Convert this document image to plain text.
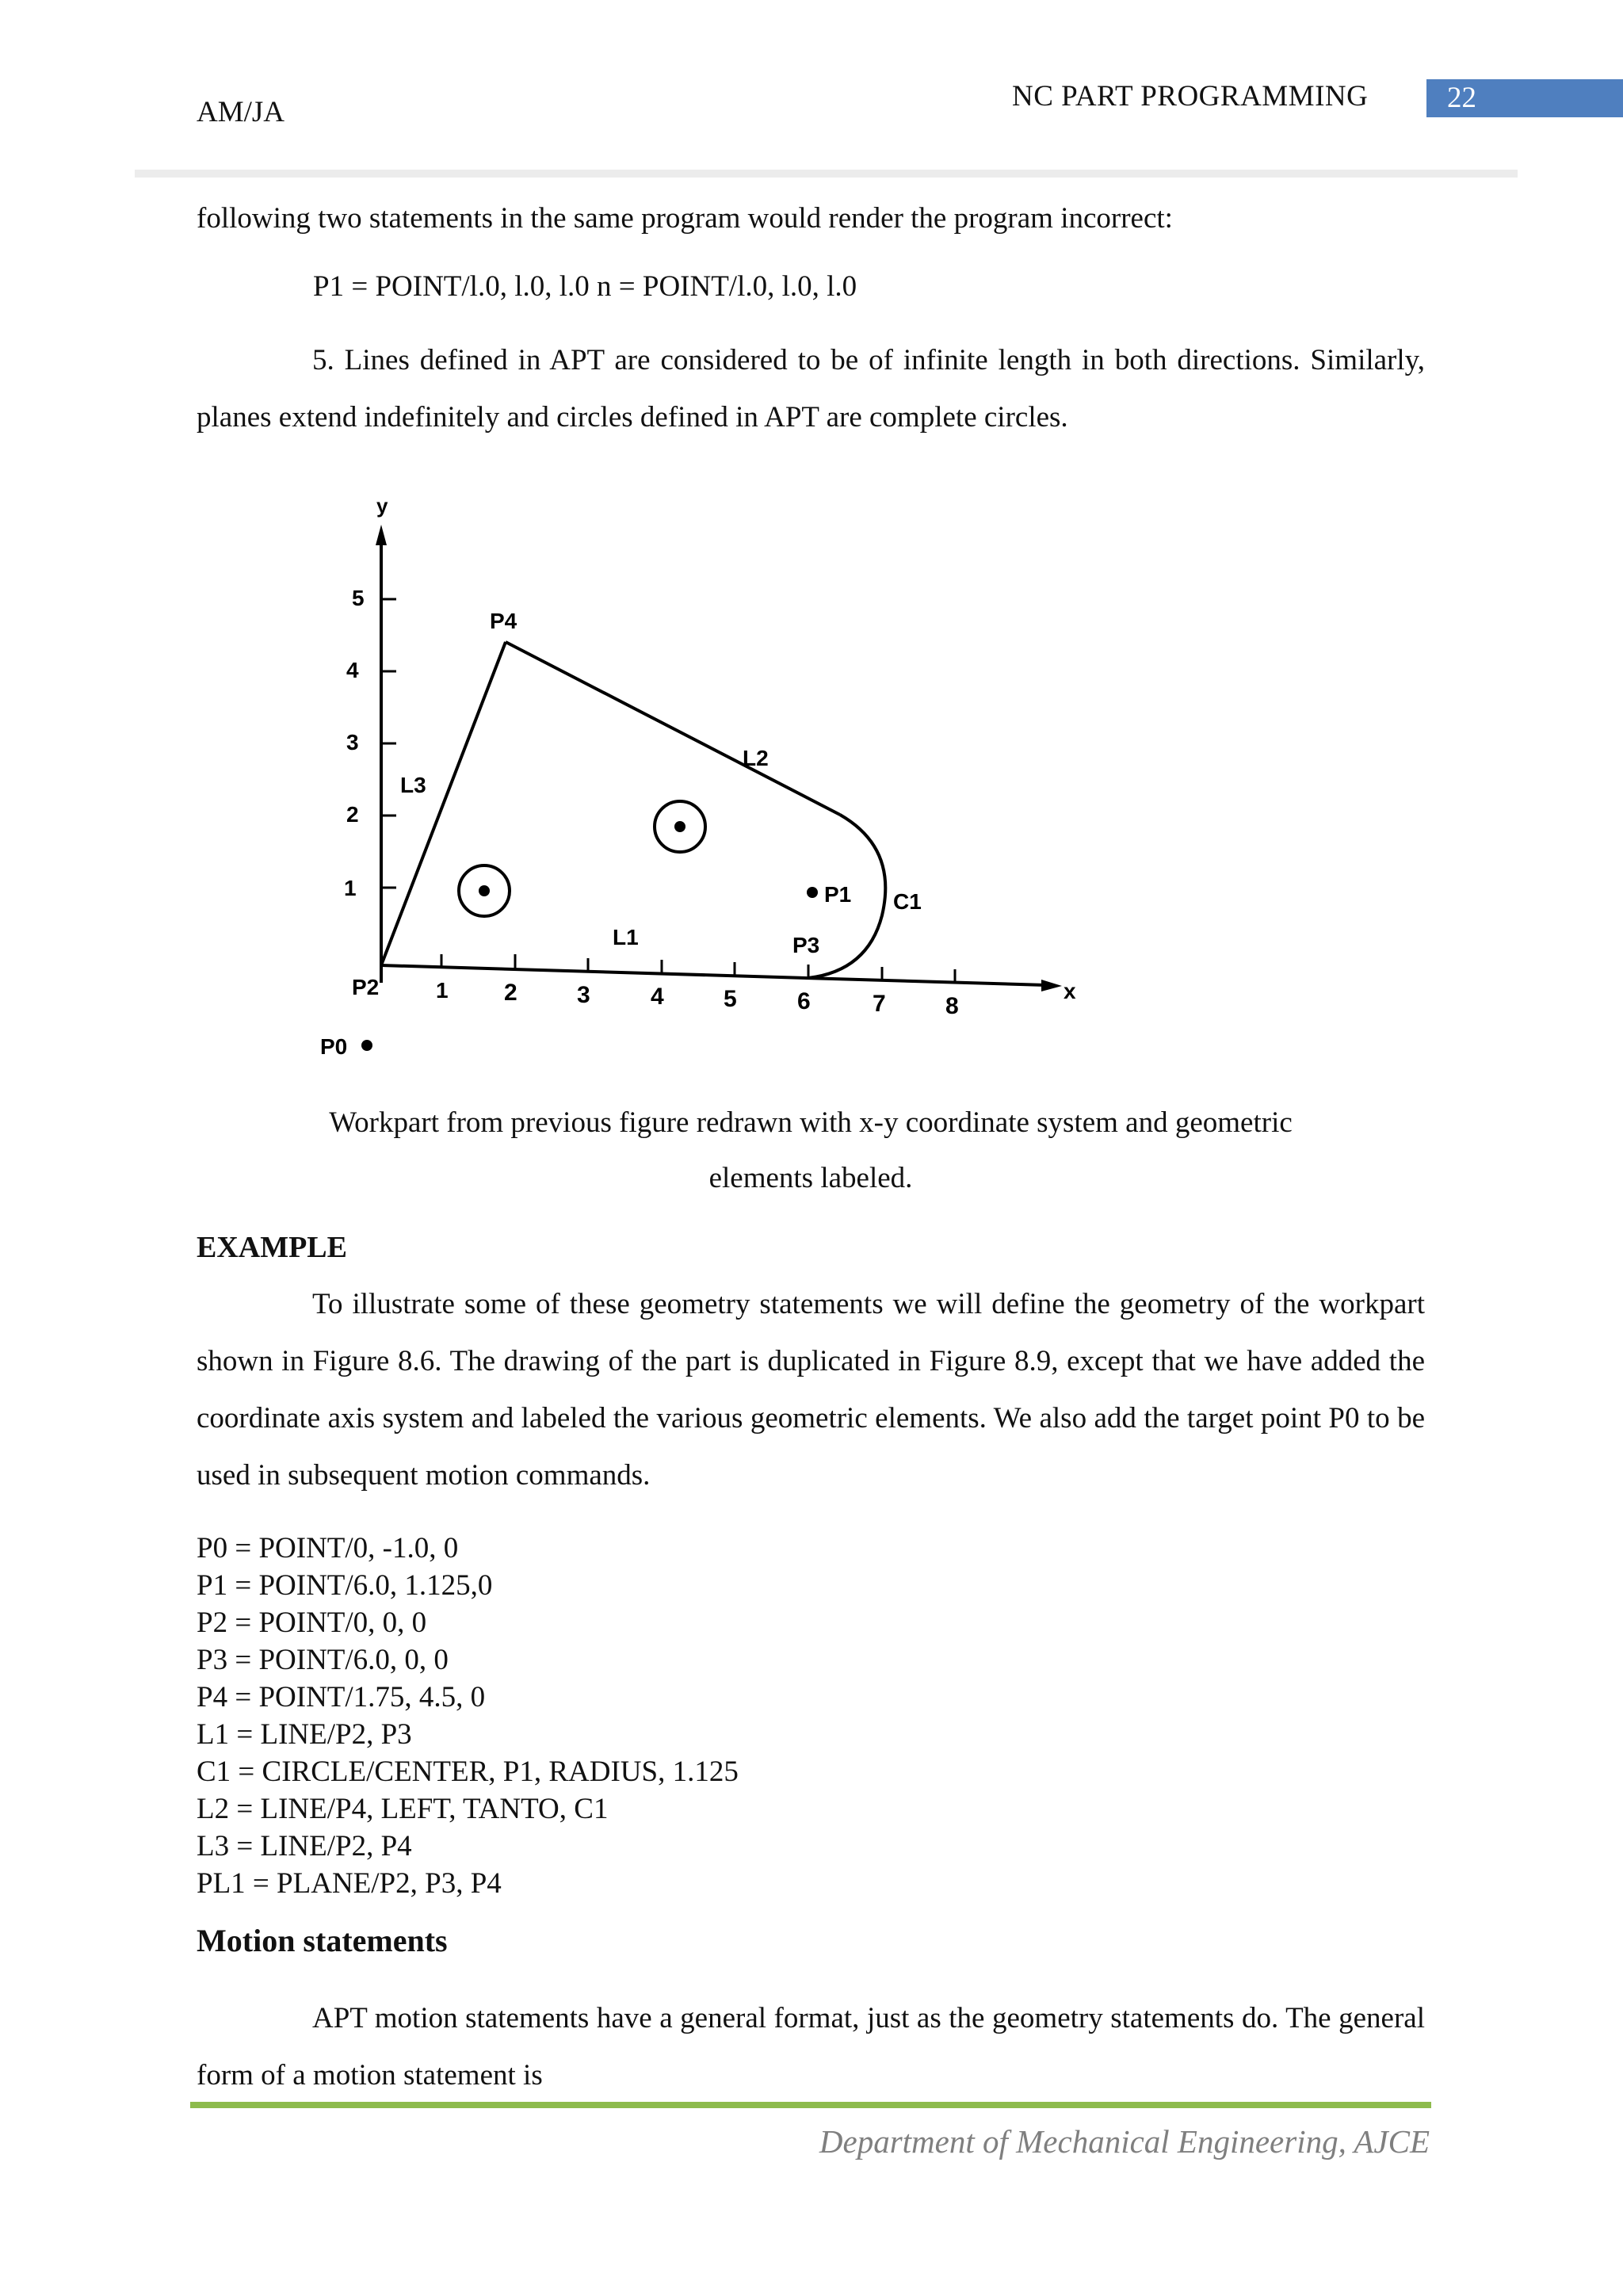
AM/JA	NC PART PROGRAMMING	22
following two statements in the same program would render the program incorrect:
P1 = POINT/l.0, l.0, l.0 n = POINT/l.0, l.0, l.0
5. Lines defined in APT are considered to be of infinite length in both directions. Similarly, planes extend indefinitely and circles defined in APT are complete circles.
y
x
1
2
3
4
5
1 2	3	4	5	6	7	8
P4
L2
L3
P1 C1
L1	P3
P2
P0
Workpart from previous figure redrawn with x-y coordinate system and geometric
elements labeled.
EXAMPLE
To illustrate some of these geometry statements we will define the geometry of the workpart shown in Figure 8.6. The drawing of the part is duplicated in Figure 8.9, except that we have added the coordinate axis system and labeled the various geometric elements. We also add the target point P0 to be used in subsequent motion commands.
P0 = POINT/0, -1.0, 0
P1 = POINT/6.0, 1.125,0
P2 = POINT/0, 0, 0
P3 = POINT/6.0, 0, 0
P4 = POINT/1.75, 4.5, 0
L1 = LINE/P2, P3
C1 = CIRCLE/CENTER, P1, RADIUS, 1.125
L2 = LINE/P4, LEFT, TANTO, C1
L3 = LINE/P2, P4
PL1 = PLANE/P2, P3, P4
Motion statements
APT motion statements have a general format, just as the geometry statements do. The general form of a motion statement is
Department of Mechanical Engineering, AJCE
